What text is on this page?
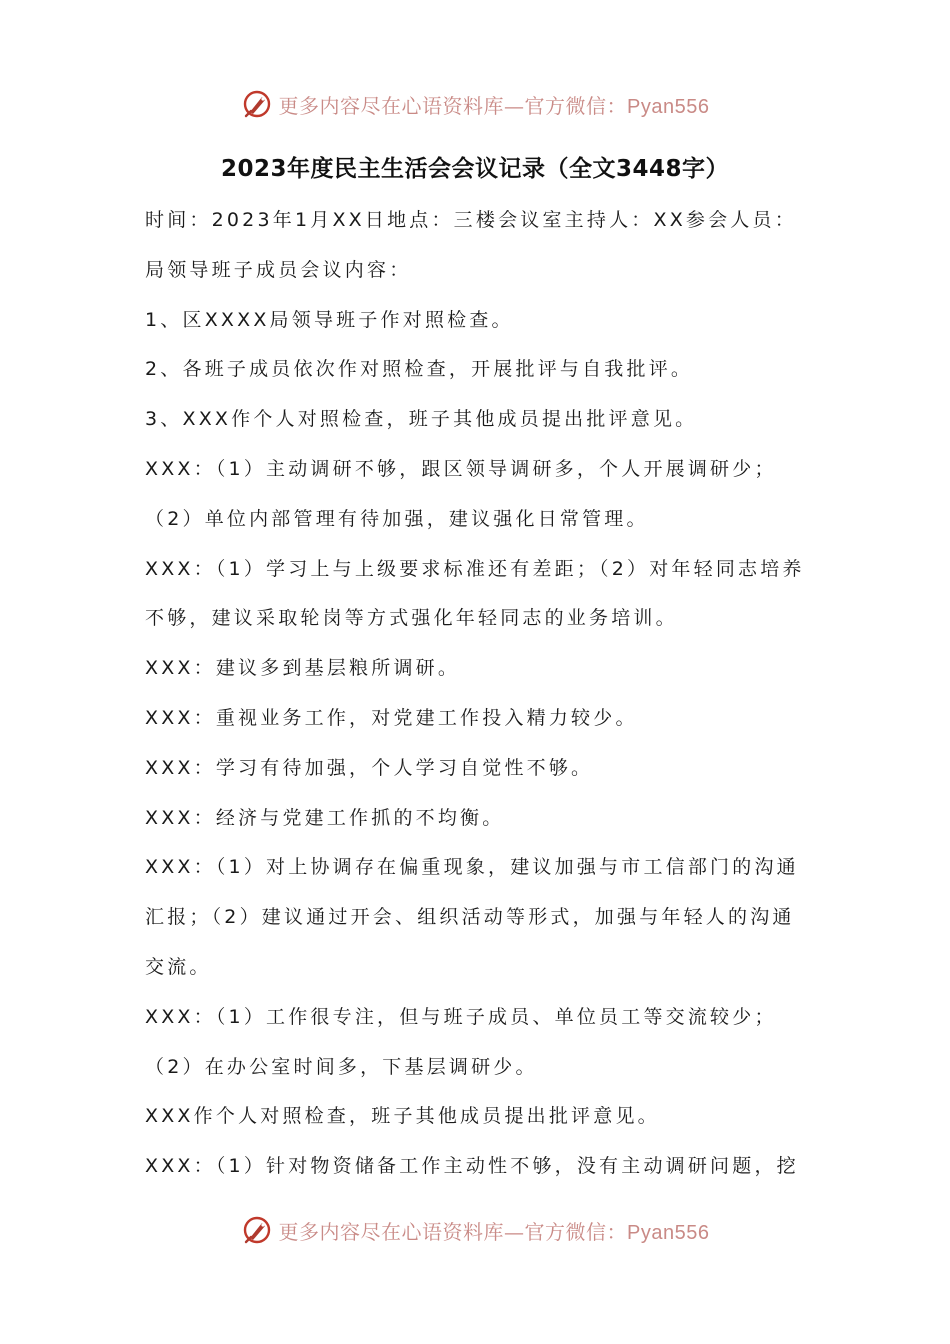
更多内容尽在心语资料库—官方微信：Pyan556
2023年度民主生活会会议记录（全文3448字）
时间：2023年1月XX日地点：三楼会议室主持人：XX参会人员：
局领导班子成员会议内容：
1、区XXXX局领导班子作对照检查。
2、各班子成员依次作对照检查，开展批评与自我批评。
3、XXX作个人对照检查，班子其他成员提出批评意见。
XXX：（1）主动调研不够，跟区领导调研多，个人开展调研少；
（2）单位内部管理有待加强，建议强化日常管理。
XXX：（1）学习上与上级要求标准还有差距；（2）对年轻同志培养
不够，建议采取轮岗等方式强化年轻同志的业务培训。
XXX：建议多到基层粮所调研。
XXX：重视业务工作，对党建工作投入精力较少。
XXX：学习有待加强，个人学习自觉性不够。
XXX：经济与党建工作抓的不均衡。
XXX：（1）对上协调存在偏重现象，建议加强与市工信部门的沟通
汇报；（2）建议通过开会、组织活动等形式，加强与年轻人的沟通
交流。
XXX：（1）工作很专注，但与班子成员、单位员工等交流较少；
（2）在办公室时间多，下基层调研少。
XXX作个人对照检查，班子其他成员提出批评意见。
XXX：（1）针对物资储备工作主动性不够，没有主动调研问题，挖
更多内容尽在心语资料库—官方微信：Pyan556
